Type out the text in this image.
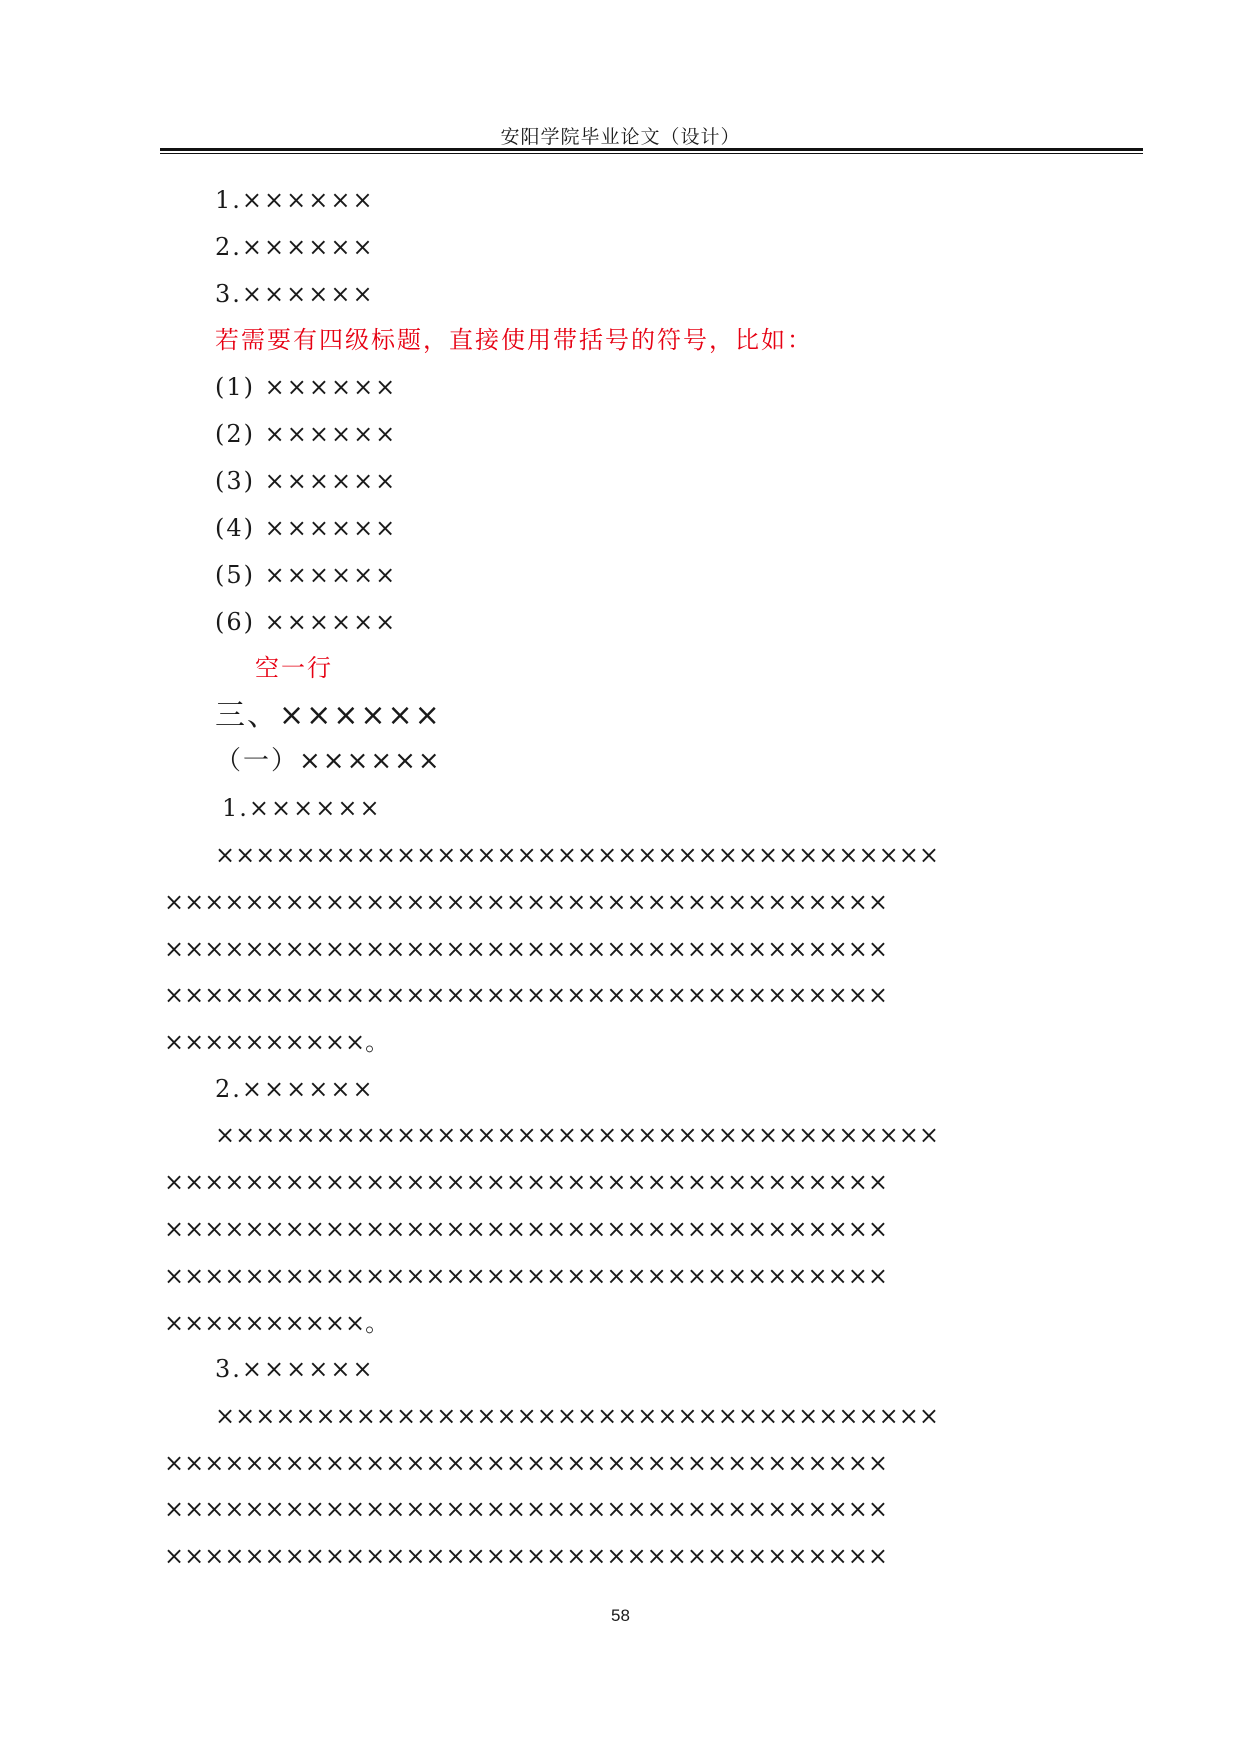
安阳学院毕业论文（设计）
1.××××××
2.××××××
3.××××××
若需要有四级标题，直接使用带括号的符号，比如：
(1) ××××××
(2) ××××××
(3) ××××××
(4) ××××××
(5) ××××××
(6) ××××××
空一行
三、××××××
（一）××××××
1.××××××
××××××××××××××××××××××××××××××××××××
××××××××××××××××××××××××××××××××××××
××××××××××××××××××××××××××××××××××××
××××××××××××××××××××××××××××××××××××
××××××××××。
2.××××××
××××××××××××××××××××××××××××××××××××
××××××××××××××××××××××××××××××××××××
××××××××××××××××××××××××××××××××××××
××××××××××××××××××××××××××××××××××××
××××××××××。
3.××××××
××××××××××××××××××××××××××××××××××××
××××××××××××××××××××××××××××××××××××
××××××××××××××××××××××××××××××××××××
××××××××××××××××××××××××××××××××××××
58
